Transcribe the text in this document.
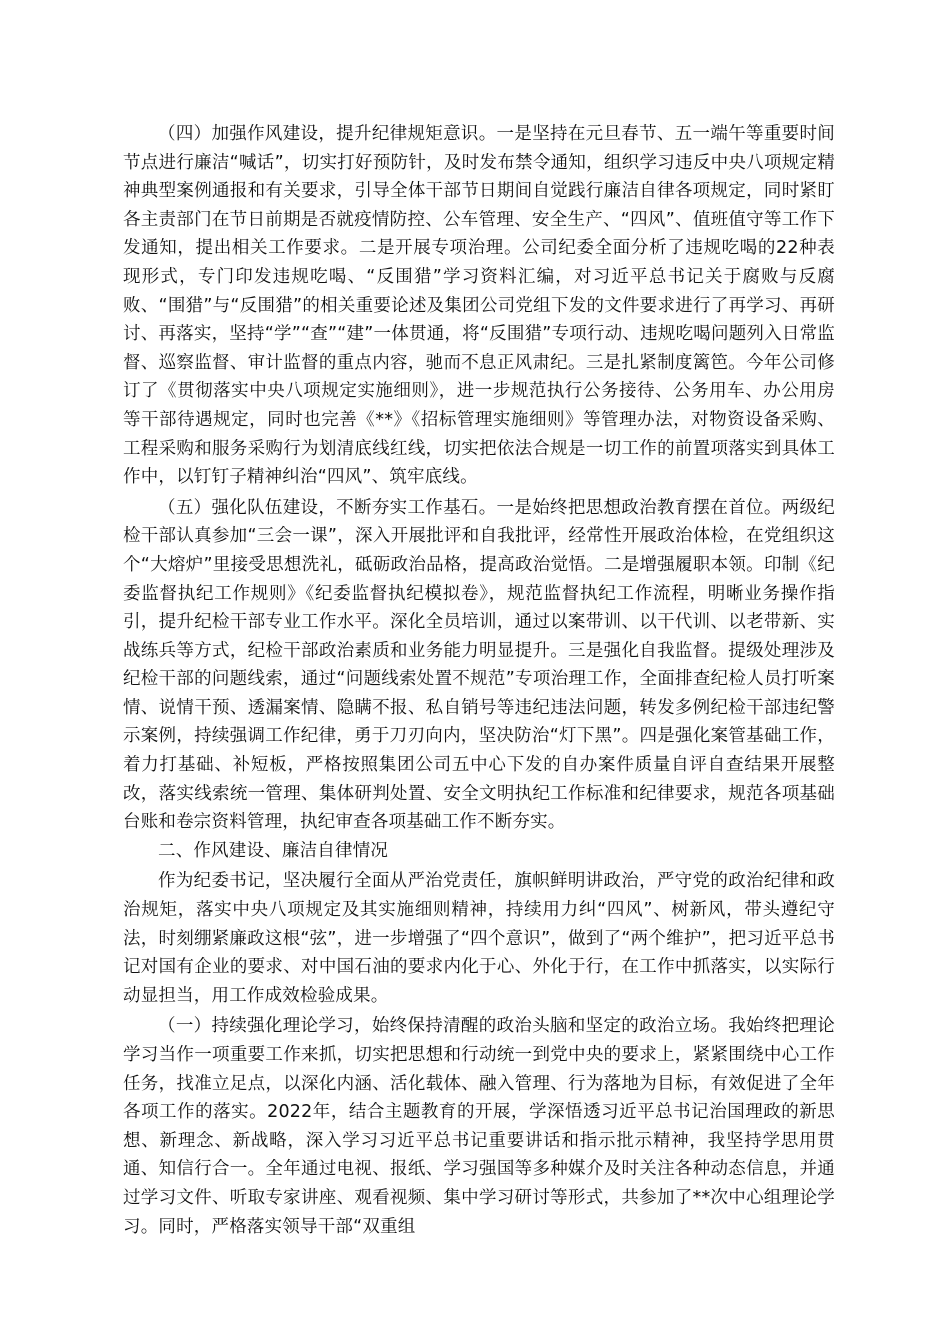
（四）加强作风建设，提升纪律规矩意识。一是坚持在元旦春节、五一端午等重要时间节点进行廉洁“喊话”，切实打好预防针，及时发布禁令通知，组织学习违反中央八项规定精神典型案例通报和有关要求，引导全体干部节日期间自觉践行廉洁自律各项规定，同时紧盯各主责部门在节日前期是否就疫情防控、公车管理、安全生产、“四风”、值班值守等工作下发通知，提出相关工作要求。二是开展专项治理。公司纪委全面分析了违规吃喝的22种表现形式，专门印发违规吃喝、“反围猎”学习资料汇编，对习近平总书记关于腐败与反腐败、“围猎”与“反围猎”的相关重要论述及集团公司党组下发的文件要求进行了再学习、再研讨、再落实，坚持“学”“查”“建”一体贯通，将“反围猎”专项行动、违规吃喝问题列入日常监督、巡察监督、审计监督的重点内容，驰而不息正风肃纪。三是扎紧制度篱笆。今年公司修订了《贯彻落实中央八项规定实施细则》，进一步规范执行公务接待、公务用车、办公用房等干部待遇规定，同时也完善《**》《招标管理实施细则》等管理办法，对物资设备采购、工程采购和服务采购行为划清底线红线，切实把依法合规是一切工作的前置项落实到具体工作中，以钉钉子精神纠治“四风”、筑牢底线。

（五）强化队伍建设，不断夯实工作基石。一是始终把思想政治教育摆在首位。两级纪检干部认真参加“三会一课”，深入开展批评和自我批评，经常性开展政治体检，在党组织这个“大熔炉”里接受思想洗礼，砥砺政治品格，提高政治觉悟。二是增强履职本领。印制《纪委监督执纪工作规则》《纪委监督执纪模拟卷》，规范监督执纪工作流程，明晰业务操作指引，提升纪检干部专业工作水平。深化全员培训，通过以案带训、以干代训、以老带新、实战练兵等方式，纪检干部政治素质和业务能力明显提升。三是强化自我监督。提级处理涉及纪检干部的问题线索，通过“问题线索处置不规范”专项治理工作，全面排查纪检人员打听案情、说情干预、透漏案情、隐瞒不报、私自销号等违纪违法问题，转发多例纪检干部违纪警示案例，持续强调工作纪律，勇于刀刃向内，坚决防治“灯下黑”。四是强化案管基础工作，着力打基础、补短板，严格按照集团公司五中心下发的自办案件质量自评自查结果开展整改，落实线索统一管理、集体研判处置、安全文明执纪工作标准和纪律要求，规范各项基础台账和卷宗资料管理，执纪审查各项基础工作不断夯实。

二、作风建设、廉洁自律情况

作为纪委书记，坚决履行全面从严治党责任，旗帜鲜明讲政治，严守党的政治纪律和政治规矩，落实中央八项规定及其实施细则精神，持续用力纠“四风”、树新风，带头遵纪守法，时刻绷紧廉政这根“弦”，进一步增强了“四个意识”，做到了“两个维护”，把习近平总书记对国有企业的要求、对中国石油的要求内化于心、外化于行，在工作中抓落实，以实际行动显担当，用工作成效检验成果。

（一）持续强化理论学习，始终保持清醒的政治头脑和坚定的政治立场。我始终把理论学习当作一项重要工作来抓，切实把思想和行动统一到党中央的要求上，紧紧围绕中心工作任务，找准立足点，以深化内涵、活化载体、融入管理、行为落地为目标，有效促进了全年各项工作的落实。2022年，结合主题教育的开展，学深悟透习近平总书记治国理政的新思想、新理念、新战略，深入学习习近平总书记重要讲话和指示批示精神，我坚持学思用贯通、知信行合一。全年通过电视、报纸、学习强国等多种媒介及时关注各种动态信息，并通过学习文件、听取专家讲座、观看视频、集中学习研讨等形式，共参加了**次中心组理论学习。同时，严格落实领导干部“双重组
